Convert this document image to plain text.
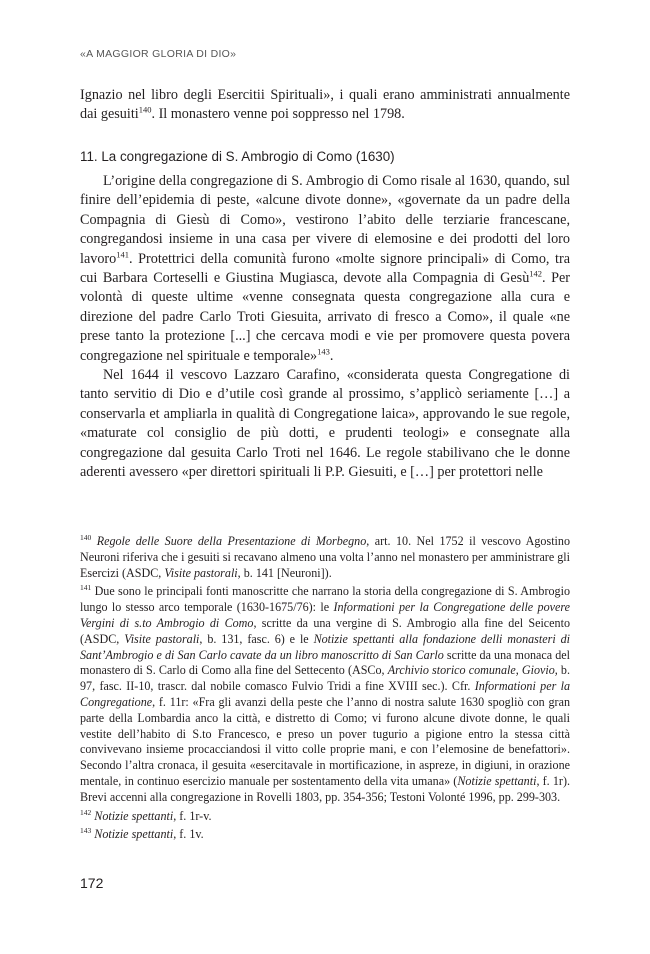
«A MAGGIOR GLORIA DI DIO»

Ignazio nel libro degli Esercitii Spirituali», i quali erano amministrati annualmente dai gesuiti$^{140}$. Il monastero venne poi soppresso nel 1798.

11. La congregazione di S. Ambrogio di Como (1630)

L’origine della congregazione di S. Ambrogio di Como risale al 1630, quando, sul finire dell’epidemia di peste, «alcune divote donne», «governate da un padre della Compagnia di Giesù di Como», vestirono l’abito delle terziarie francescane, congregandosi insieme in una casa per vivere di elemosine e dei prodotti del loro lavoro$^{141}$. Protettrici della comunità furono «molte signore principali» di Como, tra cui Barbara Corteselli e Giustina Mugiasca, devote alla Compagnia di Gesù$^{142}$. Per volontà di queste ultime «venne consegnata questa congregazione alla cura e direzione del padre Carlo Troti Giesuita, arrivato di fresco a Como», il quale «ne prese tanto la protezione [...] che cercava modi e vie per promovere questa povera congregazione nel spirituale e temporale»$^{143}$.

Nel 1644 il vescovo Lazzaro Carafino, «considerata questa Congregatione di tanto servitio di Dio e d’utile così grande al prossimo, s’applicò seriamente […] a conservarla et ampliarla in qualità di Congregatione laica», approvando le sue regole, «maturate col consiglio de più dotti, e prudenti teologi» e consegnate alla congregazione dal gesuita Carlo Troti nel 1646. Le regole stabilivano che le donne aderenti avessero «per direttori spirituali li P.P. Giesuiti, e […] per protettori nelle

$^{140}$ Regole delle Suore della Presentazione di Morbegno, art. 10. Nel 1752 il vescovo Agostino Neuroni riferiva che i gesuiti si recavano almeno una volta l’anno nel monastero per amministrare gli Esercizi (ASDC, Visite pastorali, b. 141 [Neuroni]).

$^{141}$ Due sono le principali fonti manoscritte che narrano la storia della congregazione di S. Ambrogio lungo lo stesso arco temporale (1630-1675/76): le Informationi per la Congregatione delle povere Vergini di s.to Ambrogio di Como, scritte da una vergine di S. Ambrogio alla fine del Seicento (ASDC, Visite pastorali, b. 131, fasc. 6) e le Notizie spettanti alla fondazione delli monasteri di Sant’Ambrogio e di San Carlo cavate da un libro manoscritto di San Carlo scritte da una monaca del monastero di S. Carlo di Como alla fine del Settecento (ASCo, Archivio storico comunale, Giovio, b. 97, fasc. II-10, trascr. dal nobile comasco Fulvio Tridi a fine XVIII sec.). Cfr. Informationi per la Congregatione, f. 11r: «Fra gli avanzi della peste che l’anno di nostra salute 1630 spogliò con gran parte della Lombardia anco la città, e distretto di Como; vi furono alcune divote donne, le quali vestite dell’habito di S.to Francesco, e preso un pover tugurio a pigione entro la stessa città convivevano insieme procacciandosi il vitto colle proprie mani, e con l’elemosine de benefattori». Secondo l’altra cronaca, il gesuita «esercitavale in mortificazione, in aspreze, in digiuni, in orazione mentale, in continuo esercizio manuale per sostentamento della vita umana» (Notizie spettanti, f. 1r). Brevi accenni alla congregazione in Rovelli 1803, pp. 354-356; Testoni Volonté 1996, pp. 299-303.

$^{142}$ Notizie spettanti, f. 1r-v.

$^{143}$ Notizie spettanti, f. 1v.

172
